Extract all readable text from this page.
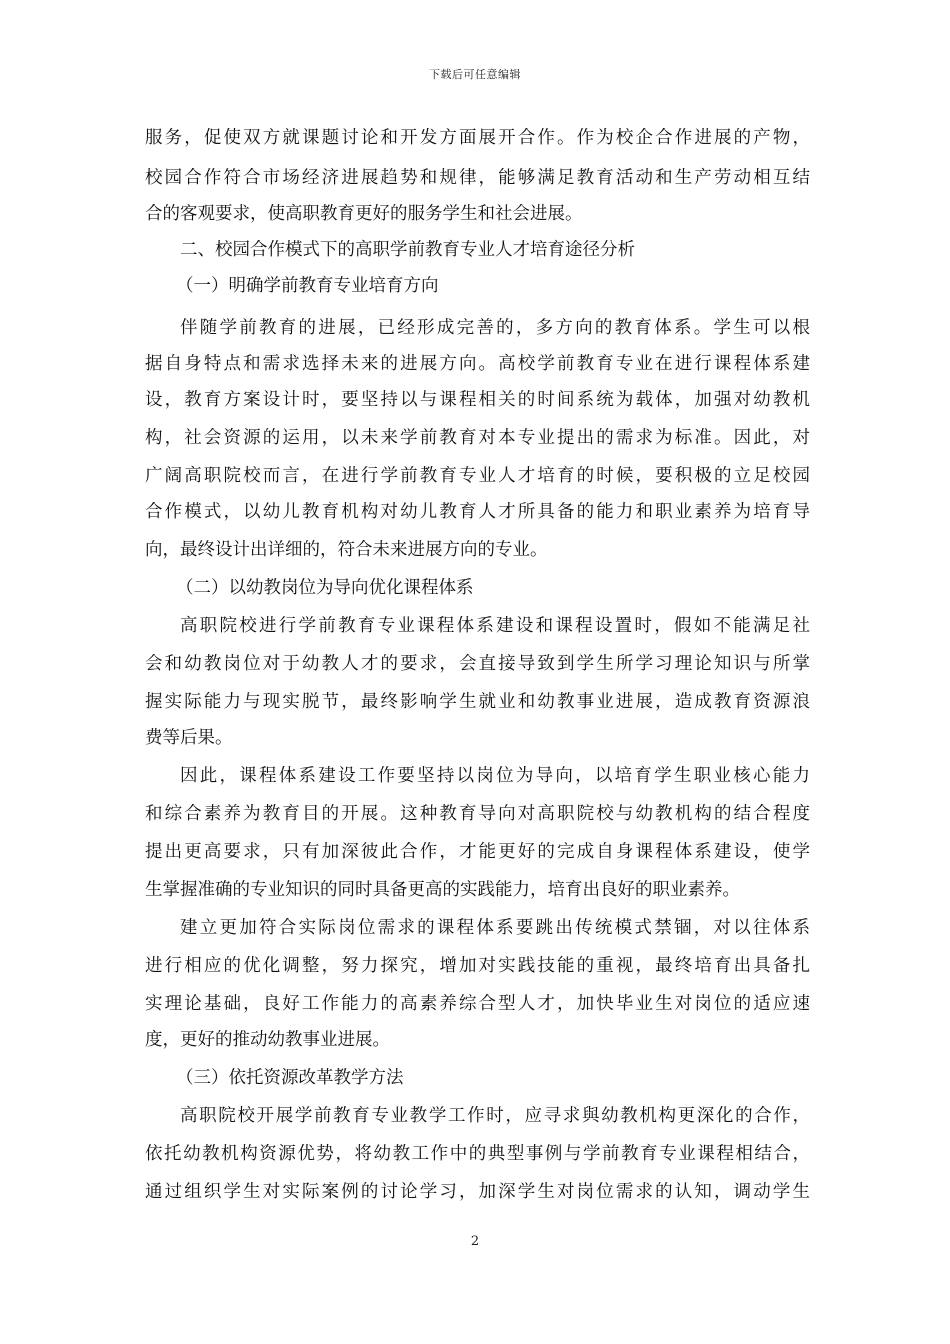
下载后可任意编辑
服务，促使双方就课题讨论和开发方面展开合作。作为校企合作进展的产物，
校园合作符合市场经济进展趋势和规律，能够满足教育活动和生产劳动相互结
合的客观要求，使高职教育更好的服务学生和社会进展。
二、校园合作模式下的高职学前教育专业人才培育途径分析
（一）明确学前教育专业培育方向
伴随学前教育的进展，已经形成完善的，多方向的教育体系。学生可以根
据自身特点和需求选择未来的进展方向。高校学前教育专业在进行课程体系建
设，教育方案设计时，要坚持以与课程相关的时间系统为载体，加强对幼教机
构，社会资源的运用，以未来学前教育对本专业提出的需求为标准。因此，对
广阔高职院校而言，在进行学前教育专业人才培育的时候，要积极的立足校园
合作模式，以幼儿教育机构对幼儿教育人才所具备的能力和职业素养为培育导
向，最终设计出详细的，符合未来进展方向的专业。
（二）以幼教岗位为导向优化课程体系
高职院校进行学前教育专业课程体系建设和课程设置时，假如不能满足社
会和幼教岗位对于幼教人才的要求，会直接导致到学生所学习理论知识与所掌
握实际能力与现实脱节，最终影响学生就业和幼教事业进展，造成教育资源浪
费等后果。
因此，课程体系建设工作要坚持以岗位为导向，以培育学生职业核心能力
和综合素养为教育目的开展。这种教育导向对高职院校与幼教机构的结合程度
提出更高要求，只有加深彼此合作，才能更好的完成自身课程体系建设，使学
生掌握准确的专业知识的同时具备更高的实践能力，培育出良好的职业素养。
建立更加符合实际岗位需求的课程体系要跳出传统模式禁锢，对以往体系
进行相应的优化调整，努力探究，增加对实践技能的重视，最终培育出具备扎
实理论基础，良好工作能力的高素养综合型人才，加快毕业生对岗位的适应速
度，更好的推动幼教事业进展。
（三）依托资源改革教学方法
高职院校开展学前教育专业教学工作时，应寻求與幼教机构更深化的合作，
依托幼教机构资源优势，将幼教工作中的典型事例与学前教育专业课程相结合，
通过组织学生对实际案例的讨论学习，加深学生对岗位需求的认知，调动学生
2
